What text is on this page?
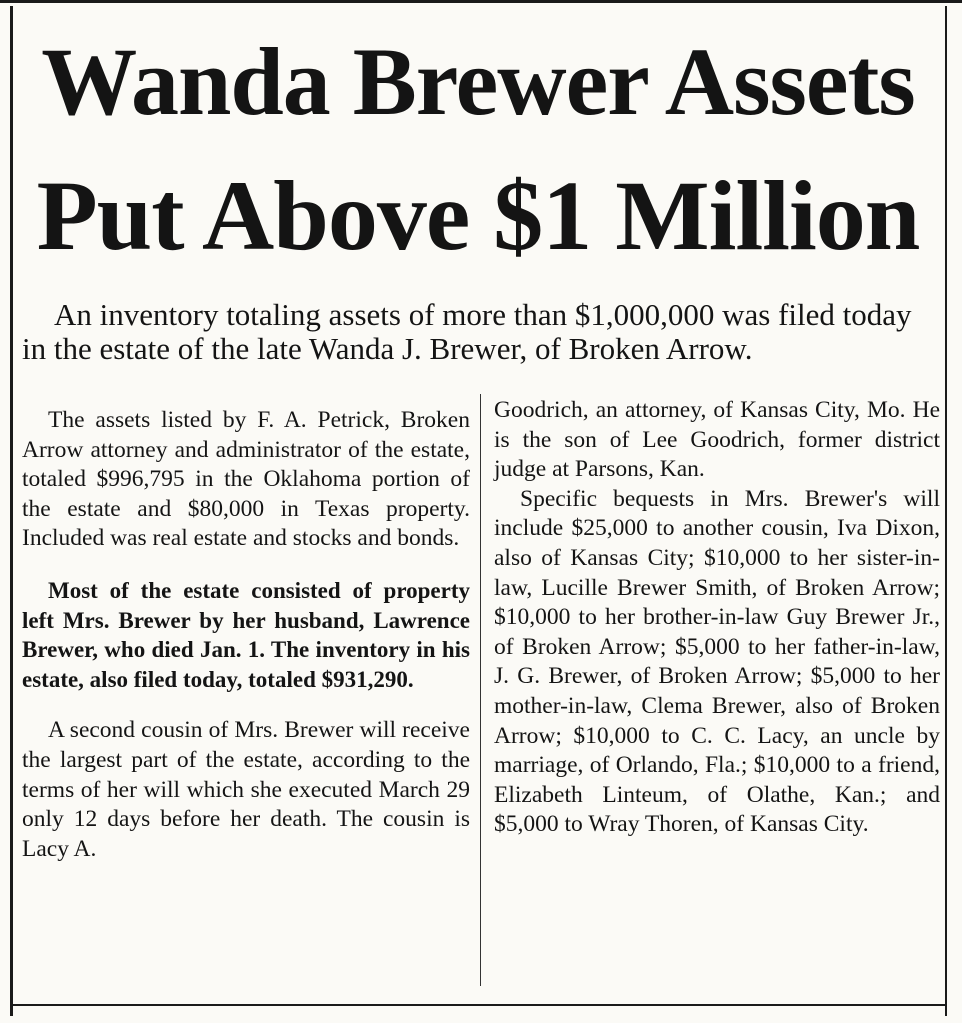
Wanda Brewer Assets
Put Above $1 Million
An inventory totaling assets of more than $1,000,000 was filed today in the estate of the late Wanda J. Brewer, of Broken Arrow.

The assets listed by F. A. Petrick, Broken Arrow attorney and administrator of the estate, totaled $996,795 in the Oklahoma portion of the estate and $80,000 in Texas property. Included was real estate and stocks and bonds.

Most of the estate consisted of property left Mrs. Brewer by her husband, Lawrence Brewer, who died Jan. 1. The inventory in his estate, also filed today, totaled $931,290.

A second cousin of Mrs. Brewer will receive the largest part of the estate, according to the terms of her will which she executed March 29 only 12 days before her death. The cousin is Lacy A.

Goodrich, an attorney, of Kansas City, Mo. He is the son of Lee Goodrich, former district judge at Parsons, Kan.

Specific bequests in Mrs. Brewer's will include $25,000 to another cousin, Iva Dixon, also of Kansas City; $10,000 to her sister-in-law, Lucille Brewer Smith, of Broken Arrow; $10,000 to her brother-in-law Guy Brewer Jr., of Broken Arrow; $5,000 to her father-in-law, J. G. Brewer, of Broken Arrow; $5,000 to her mother-in-law, Clema Brewer, also of Broken Arrow; $10,000 to C. C. Lacy, an uncle by marriage, of Orlando, Fla.; $10,000 to a friend, Elizabeth Linteum, of Olathe, Kan.; and $5,000 to Wray Thoren, of Kansas City.
